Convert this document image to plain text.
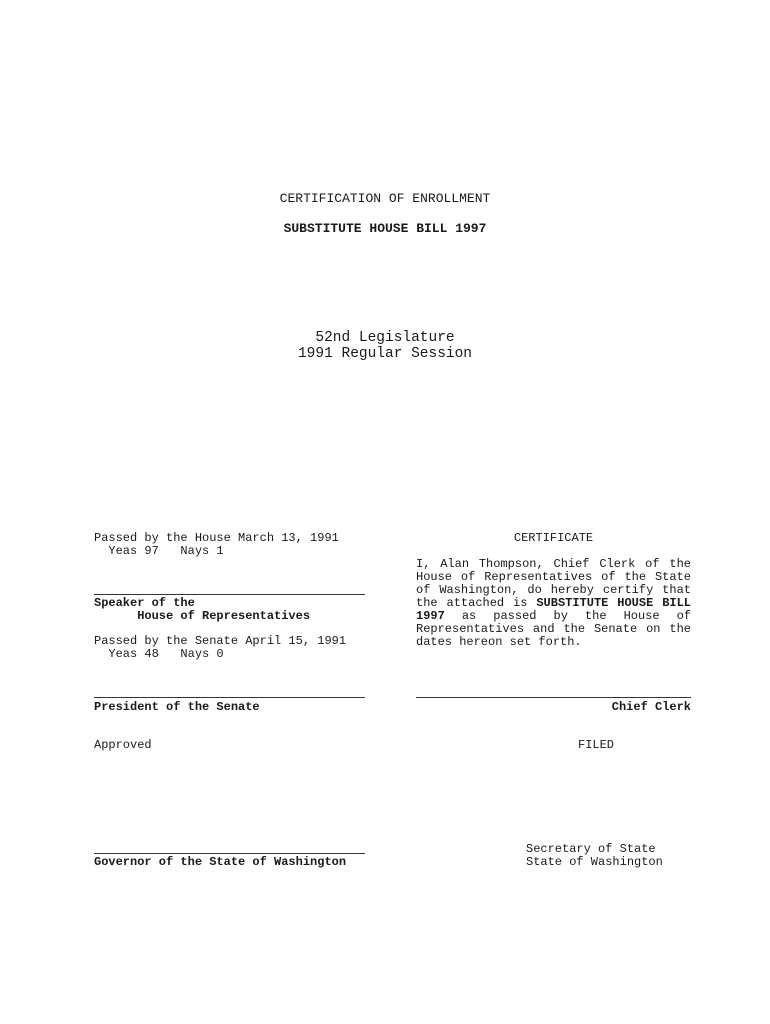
CERTIFICATION OF ENROLLMENT
SUBSTITUTE HOUSE BILL 1997
52nd Legislature
1991 Regular Session
Passed by the House March 13, 1991
Yeas 97   Nays 1
Speaker of the
House of Representatives
Passed by the Senate April 15, 1991
Yeas 48   Nays 0
President of the Senate
Approved
Governor of the State of Washington
CERTIFICATE
I, Alan Thompson, Chief Clerk of the House of Representatives of the State of Washington, do hereby certify that the attached is SUBSTITUTE HOUSE BILL 1997 as passed by the House of Representatives and the Senate on the dates hereon set forth.
Chief Clerk
FILED
Secretary of State
State of Washington
